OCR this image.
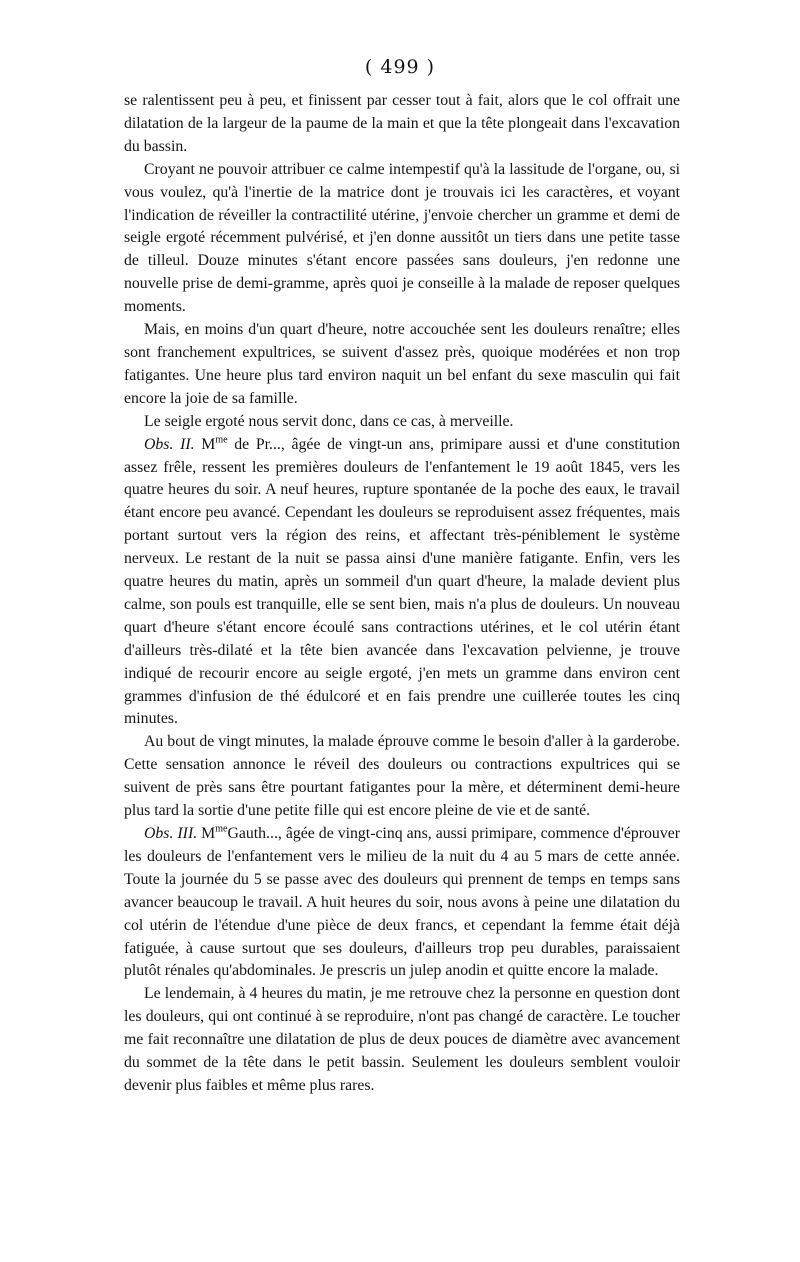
( 499 )

se ralentissent peu à peu, et finissent par cesser tout à fait, alors que le col offrait une dilatation de la largeur de la paume de la main et que la tête plongeait dans l'excavation du bassin.

Croyant ne pouvoir attribuer ce calme intempestif qu'à la lassitude de l'organe, ou, si vous voulez, qu'à l'inertie de la matrice dont je trouvais ici les caractères, et voyant l'indication de réveiller la contractilité utérine, j'envoie chercher un gramme et demi de seigle ergoté récemment pulvérisé, et j'en donne aussitôt un tiers dans une petite tasse de tilleul. Douze minutes s'étant encore passées sans douleurs, j'en redonne une nouvelle prise de demi-gramme, après quoi je conseille à la malade de reposer quelques moments.

Mais, en moins d'un quart d'heure, notre accouchée sent les douleurs renaître; elles sont franchement expultrices, se suivent d'assez près, quoique modérées et non trop fatigantes. Une heure plus tard environ naquit un bel enfant du sexe masculin qui fait encore la joie de sa famille.

Le seigle ergoté nous servit donc, dans ce cas, à merveille.

Obs. II. $M^{me}$ de Pr..., âgée de vingt-un ans, primipare aussi et d'une constitution assez frêle, ressent les premières douleurs de l'enfantement le 19 août 1845, vers les quatre heures du soir. A neuf heures, rupture spontanée de la poche des eaux, le travail étant encore peu avancé. Cependant les douleurs se reproduisent assez fréquentes, mais portant surtout vers la région des reins, et affectant très-péniblement le système nerveux. Le restant de la nuit se passa ainsi d'une manière fatigante. Enfin, vers les quatre heures du matin, après un sommeil d'un quart d'heure, la malade devient plus calme, son pouls est tranquille, elle se sent bien, mais n'a plus de douleurs. Un nouveau quart d'heure s'étant encore écoulé sans contractions utérines, et le col utérin étant d'ailleurs très-dilaté et la tête bien avancée dans l'excavation pelvienne, je trouve indiqué de recourir encore au seigle ergoté, j'en mets un gramme dans environ cent grammes d'infusion de thé édulcoré et en fais prendre une cuillerée toutes les cinq minutes.

Au bout de vingt minutes, la malade éprouve comme le besoin d'aller à la garderobe. Cette sensation annonce le réveil des douleurs ou contractions expultrices qui se suivent de près sans être pourtant fatigantes pour la mère, et déterminent demi-heure plus tard la sortie d'une petite fille qui est encore pleine de vie et de santé.

Obs. III. $M^{me}Gauth$..., âgée de vingt-cinq ans, aussi primipare, commence d'éprouver les douleurs de l'enfantement vers le milieu de la nuit du 4 au 5 mars de cette année. Toute la journée du 5 se passe avec des douleurs qui prennent de temps en temps sans avancer beaucoup le travail. A huit heures du soir, nous avons à peine une dilatation du col utérin de l'étendue d'une pièce de deux francs, et cependant la femme était déjà fatiguée, à cause surtout que ses douleurs, d'ailleurs trop peu durables, paraissaient plutôt rénales qu'abdominales. Je prescris un julep anodin et quitte encore la malade.

Le lendemain, à 4 heures du matin, je me retrouve chez la personne en question dont les douleurs, qui ont continué à se reproduire, n'ont pas changé de caractère. Le toucher me fait reconnaître une dilatation de plus de deux pouces de diamètre avec avancement du sommet de la tête dans le petit bassin. Seulement les douleurs semblent vouloir devenir plus faibles et même plus rares.
